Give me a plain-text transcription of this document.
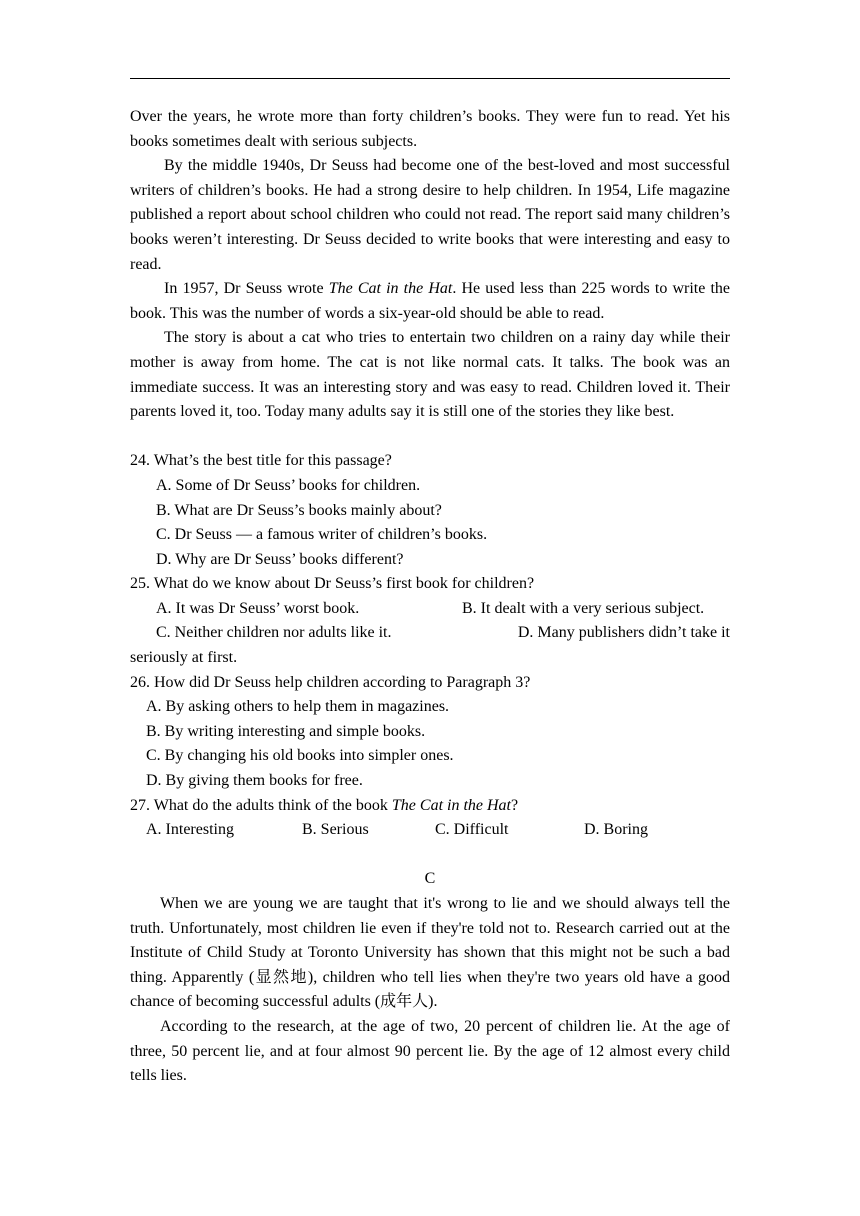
Over the years, he wrote more than forty children’s books. They were fun to read. Yet his books sometimes dealt with serious subjects.

By the middle 1940s, Dr Seuss had become one of the best-loved and most successful writers of children’s books. He had a strong desire to help children. In 1954, Life magazine published a report about school children who could not read. The report said many children’s books weren’t interesting. Dr Seuss decided to write books that were interesting and easy to read.

In 1957, Dr Seuss wrote The Cat in the Hat. He used less than 225 words to write the book. This was the number of words a six-year-old should be able to read.

The story is about a cat who tries to entertain two children on a rainy day while their mother is away from home. The cat is not like normal cats. It talks. The book was an immediate success. It was an interesting story and was easy to read. Children loved it. Their parents loved it, too. Today many adults say it is still one of the stories they like best.

24. What’s the best title for this passage?
A. Some of Dr Seuss’ books for children.
B. What are Dr Seuss’s books mainly about?
C. Dr Seuss — a famous writer of children’s books.
D. Why are Dr Seuss’ books different?
25. What do we know about Dr Seuss’s first book for children?
A. It was Dr Seuss’ worst book.	B. It dealt with a very serious subject.
C. Neither children nor adults like it.	D. Many publishers didn’t take it
seriously at first.
26. How did Dr Seuss help children according to Paragraph 3?
A. By asking others to help them in magazines.
B. By writing interesting and simple books.
C. By changing his old books into simpler ones.
D. By giving them books for free.
27. What do the adults think of the book The Cat in the Hat?
A. Interesting	B. Serious	C. Difficult	D. Boring
C

When we are young we are taught that it's wrong to lie and we should always tell the truth. Unfortunately, most children lie even if they're told not to. Research carried out at the Institute of Child Study at Toronto University has shown that this might not be such a bad thing. Apparently (显然地), children who tell lies when they're two years old have a good chance of becoming successful adults (成年人).

According to the research, at the age of two, 20 percent of children lie. At the age of three, 50 percent lie, and at four almost 90 percent lie. By the age of 12 almost every child tells lies.
